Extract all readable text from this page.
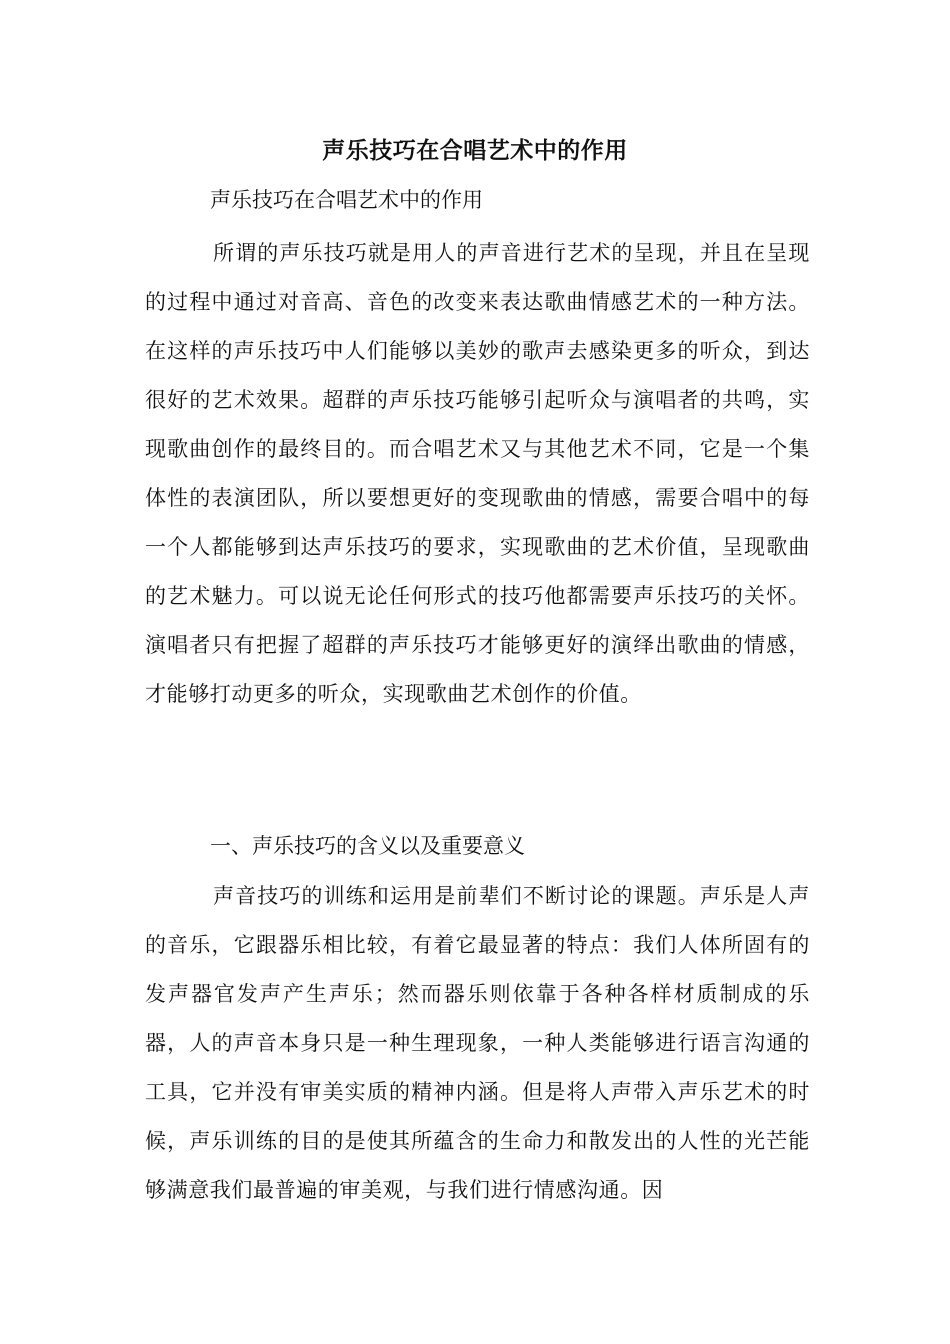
声乐技巧在合唱艺术中的作用
声乐技巧在合唱艺术中的作用

所谓的声乐技巧就是用人的声音进行艺术的呈现，并且在呈现的过程中通过对音高、音色的改变来表达歌曲情感艺术的一种方法。在这样的声乐技巧中人们能够以美妙的歌声去感染更多的听众，到达很好的艺术效果。超群的声乐技巧能够引起听众与演唱者的共鸣，实现歌曲创作的最终目的。而合唱艺术又与其他艺术不同，它是一个集体性的表演团队，所以要想更好的变现歌曲的情感，需要合唱中的每一个人都能够到达声乐技巧的要求，实现歌曲的艺术价值，呈现歌曲的艺术魅力。可以说无论任何形式的技巧他都需要声乐技巧的关怀。演唱者只有把握了超群的声乐技巧才能够更好的演绎出歌曲的情感，才能够打动更多的听众，实现歌曲艺术创作的价值。

一、声乐技巧的含义以及重要意义

声音技巧的训练和运用是前辈们不断讨论的课题。声乐是人声的音乐，它跟器乐相比较，有着它最显著的特点：我们人体所固有的发声器官发声产生声乐；然而器乐则依靠于各种各样材质制成的乐器，人的声音本身只是一种生理现象，一种人类能够进行语言沟通的工具，它并没有审美实质的精神内涵。但是将人声带入声乐艺术的时候，声乐训练的目的是使其所蕴含的生命力和散发出的人性的光芒能够满意我们最普遍的审美观，与我们进行情感沟通。因
